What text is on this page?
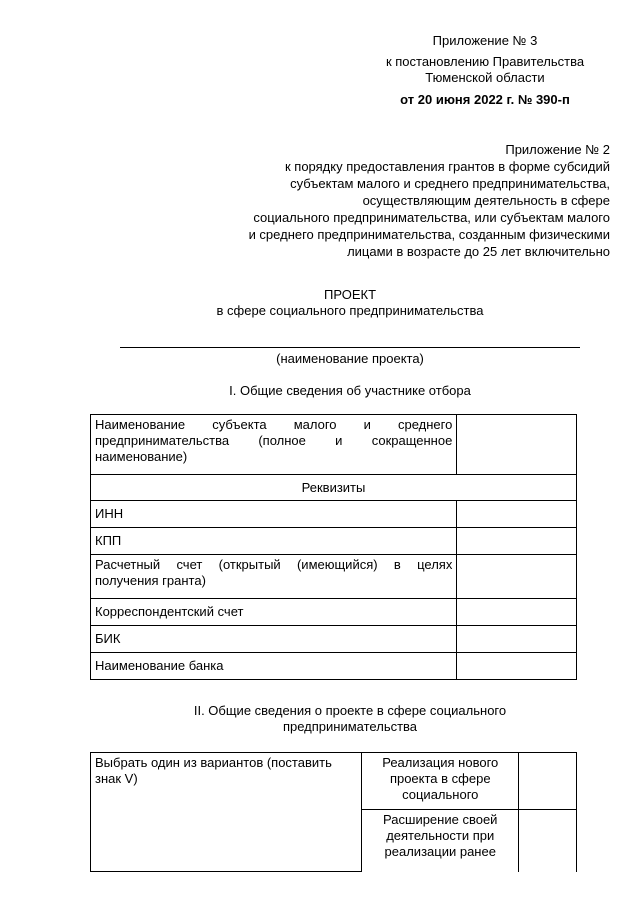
Приложение № 3
к постановлению Правительства
Тюменской области
от 20 июня 2022 г. № 390-п
Приложение № 2
к порядку предоставления грантов в форме субсидий
субъектам малого и среднего предпринимательства,
осуществляющим деятельность в сфере
социального предпринимательства, или субъектам малого
и среднего предпринимательства, созданным физическими
лицами в возрасте до 25 лет включительно
ПРОЕКТ
в сфере социального предпринимательства
(наименование проекта)
I. Общие сведения об участнике отбора
Наименование субъекта малого и среднего
предпринимательства (полное и сокращенное
наименование)	

Реквизиты	
ИНН	
КПП	

Расчетный счет (открытый (имеющийся) в целях
получения гранта)	

Корреспондентский счет	
БИК	
Наименование банка	
II. Общие сведения о проекте в сфере социального
предпринимательства
Выбрать один из вариантов (поставить знак V)	Реализация нового
проекта в сфере
социального	

	Расширение своей
деятельности при
реализации ранее	
